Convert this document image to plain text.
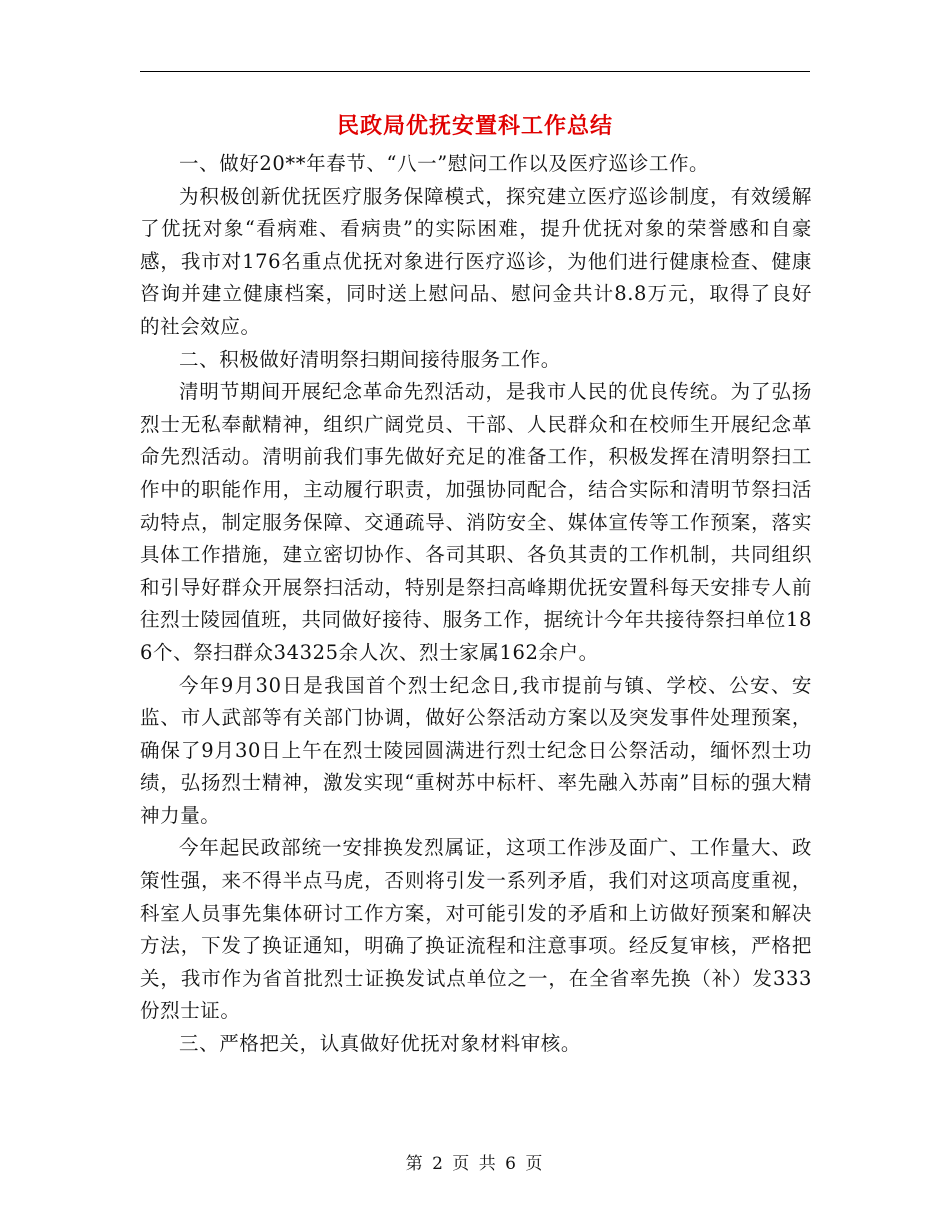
民政局优抚安置科工作总结

一、做好20**年春节、“八一”慰问工作以及医疗巡诊工作。

为积极创新优抚医疗服务保障模式，探究建立医疗巡诊制度，有效缓解了优抚对象“看病难、看病贵”的实际困难，提升优抚对象的荣誉感和自豪感，我市对176名重点优抚对象进行医疗巡诊，为他们进行健康检查、健康咨询并建立健康档案，同时送上慰问品、慰问金共计8.8万元，取得了良好的社会效应。

二、积极做好清明祭扫期间接待服务工作。

清明节期间开展纪念革命先烈活动，是我市人民的优良传统。为了弘扬烈士无私奉献精神，组织广阔党员、干部、人民群众和在校师生开展纪念革命先烈活动。清明前我们事先做好充足的准备工作，积极发挥在清明祭扫工作中的职能作用，主动履行职责，加强协同配合，结合实际和清明节祭扫活动特点，制定服务保障、交通疏导、消防安全、媒体宣传等工作预案，落实具体工作措施，建立密切协作、各司其职、各负其责的工作机制，共同组织和引导好群众开展祭扫活动，特别是祭扫高峰期优抚安置科每天安排专人前往烈士陵园值班，共同做好接待、服务工作，据统计今年共接待祭扫单位186个、祭扫群众34325余人次、烈士家属162余户。

今年9月30日是我国首个烈士纪念日,我市提前与镇、学校、公安、安监、市人武部等有关部门协调，做好公祭活动方案以及突发事件处理预案，确保了9月30日上午在烈士陵园圆满进行烈士纪念日公祭活动，缅怀烈士功绩，弘扬烈士精神，激发实现“重树苏中标杆、率先融入苏南”目标的强大精神力量。

今年起民政部统一安排换发烈属证，这项工作涉及面广、工作量大、政策性强，来不得半点马虎，否则将引发一系列矛盾，我们对这项高度重视，科室人员事先集体研讨工作方案，对可能引发的矛盾和上访做好预案和解决方法，下发了换证通知，明确了换证流程和注意事项。经反复审核，严格把关，我市作为省首批烈士证换发试点单位之一，在全省率先换（补）发333份烈士证。

三、严格把关，认真做好优抚对象材料审核。

第 2 页 共 6 页
